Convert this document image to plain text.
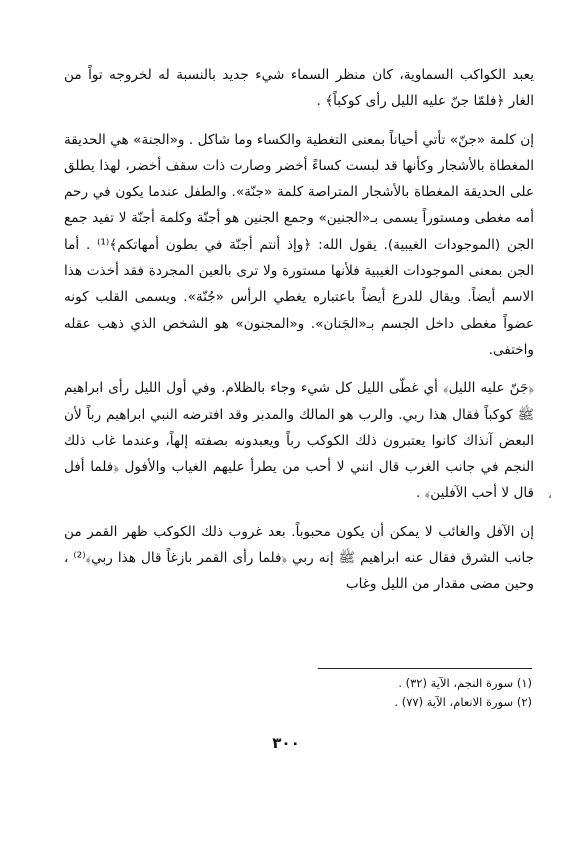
يعبد الكواكب السماوية، كان منظر السماء شيء جديد بالنسبة له لخروجه تواً من الغار ﴿فلمّا جنّ عليه الليل رأى كوكباً﴾ .

إن كلمة «جنّ» تأتي أحياناً بمعنى التغطية والكساء وما شاكل . و«الجنة» هي الحديقة المغطاة بالأشجار وكأنها قد لبست كساءً أخضر وصارت ذات سقف أخضر، لهذا يطلق على الحديقة المغطاة بالأشجار المتراصة كلمة «جنّة». والطفل عندما يكون في رحم أمه مغطى ومستوراً يسمى بـ«الجنين» وجمع الجنين هو أجنّة وكلمة أجنّة لا تفيد جمع الجن (الموجودات الغيبية). يقول الله: ﴿وإذ أنتم أجنّة في بطون أمهاتكم﴾⁽¹⁾ . أما الجن بمعنى الموجودات الغيبية فلأنها مستورة ولا ترى بالعين المجردة فقد أخذت هذا الاسم أيضاً. ويقال للدرع أيضاً باعتباره يغطي الرأس «جُنّة». ويسمى القلب كونه عضواً مغطى داخل الجسم بـ«الجَنان». و«المجنون» هو الشخص الذي ذهب عقله واختفى.

﴿جَنّ عليه الليل﴾ أي غطّى الليل كل شيء وجاء بالظلام. وفي أول الليل رأى ابراهيم ﷺ كوكباً فقال هذا ربي. والرب هو المالك والمدبر وقد افترضه النبي ابراهيم رباً لأن البعض آنذاك كانوا يعتبرون ذلك الكوكب رباً ويعبدونه بصفته إلهاً، وعندما غاب ذلك النجم في جانب الغرب قال انني لا أحب من يطرأ عليهم الغياب والأفول ﴿فلما أفل قال لا أحب الآفلين﴾ .

إن الآفل والغائب لا يمكن أن يكون محبوباً. بعد غروب ذلك الكوكب ظهر القمر من جانب الشرق فقال عنه ابراهيم ﷺ إنه ربي ﴿فلما رأى القمر بازغاً قال هذا ربي﴾⁽²⁾ ، وحين مضى مقدار من الليل وغاب

،

(١) سورة النجم، الآية (٣٢) .

(٢) سورة الانعام، الآية (٧٧) .

٣٠٠
